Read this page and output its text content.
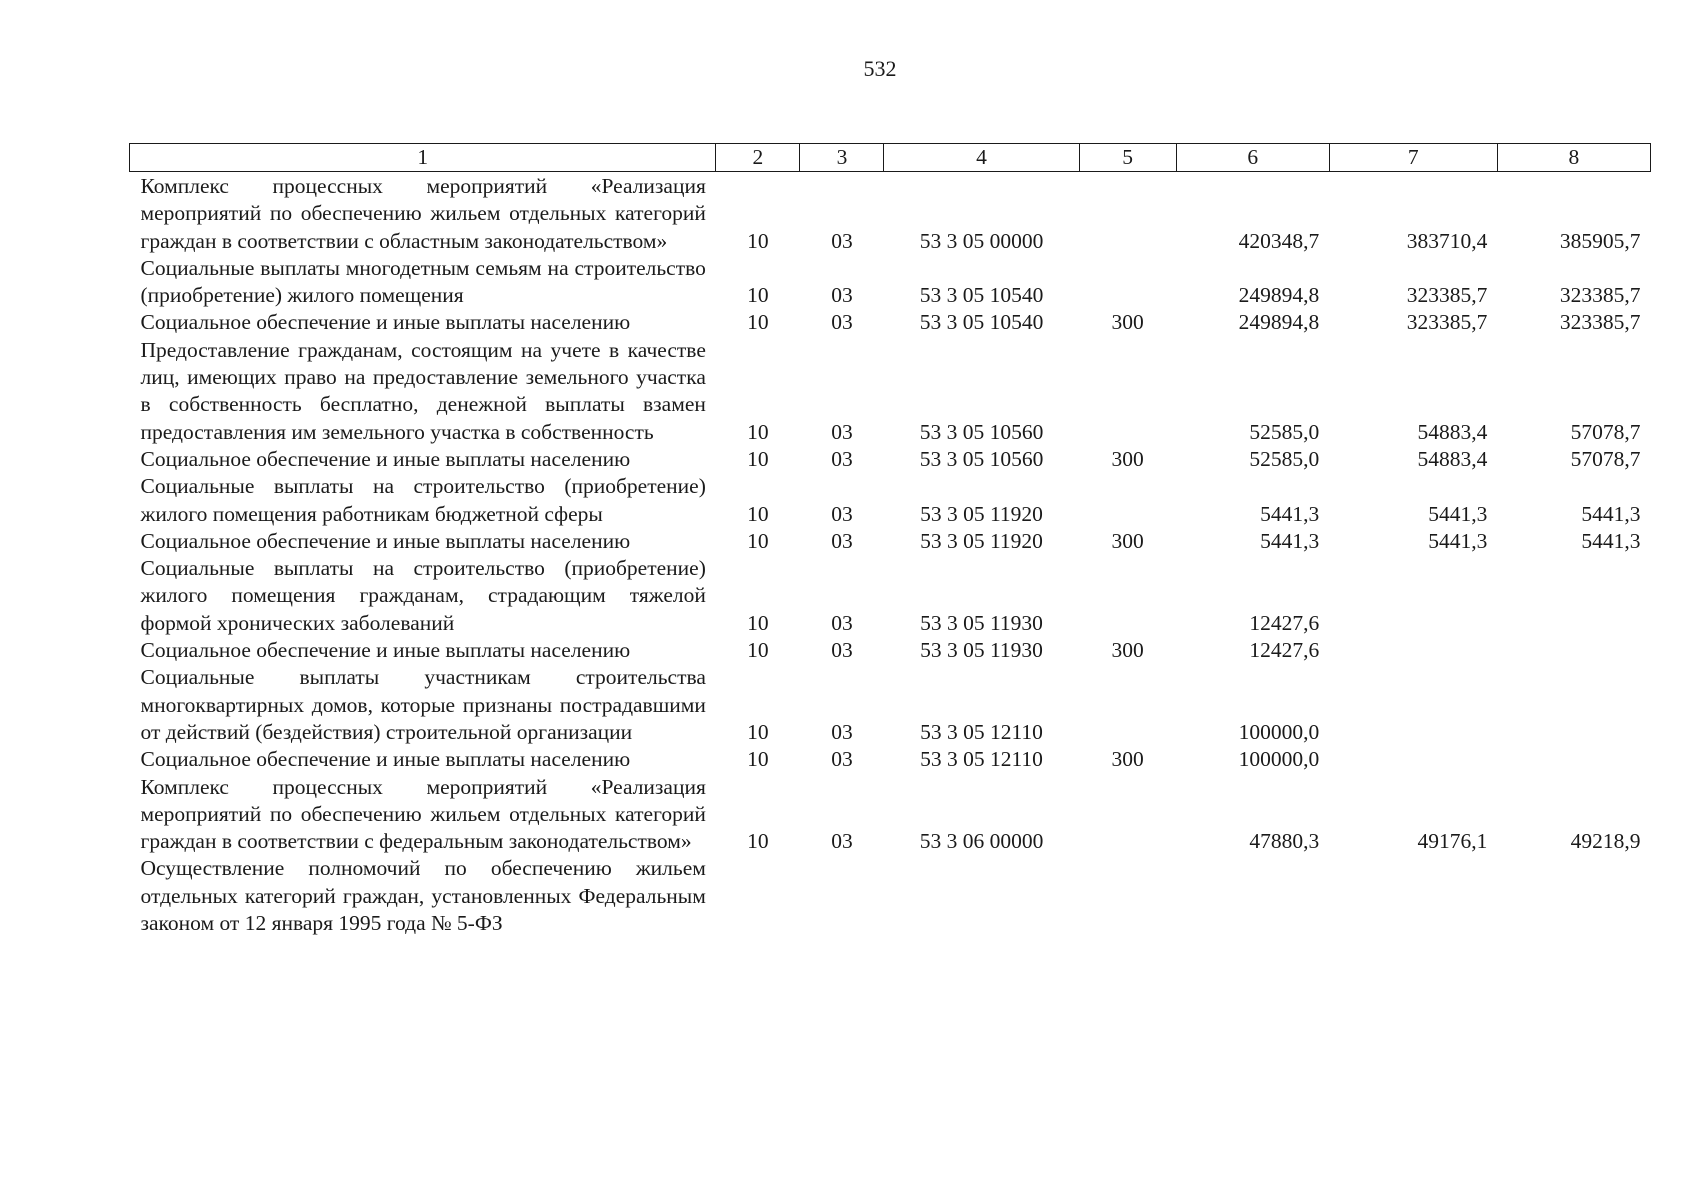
532
1	2	3	4	5	6	7	8
Комплекс процессных мероприятий «Реализация мероприятий по обеспечению жильем отдельных категорий граждан в соответствии с областным законодательством»	10	03	53 3 05 00000		420348,7	383710,4	385905,7
Социальные выплаты многодетным семьям на строительство (приобретение) жилого помещения	10	03	53 3 05 10540		249894,8	323385,7	323385,7
Социальное обеспечение и иные выплаты населению	10	03	53 3 05 10540	300	249894,8	323385,7	323385,7
Предоставление гражданам, состоящим на учете в качестве лиц, имеющих право на предоставление земельного участка в собственность бесплатно, денежной выплаты взамен предоставления им земельного участка в собственность	10	03	53 3 05 10560		52585,0	54883,4	57078,7
Социальное обеспечение и иные выплаты населению	10	03	53 3 05 10560	300	52585,0	54883,4	57078,7
Социальные выплаты на строительство (приобретение) жилого помещения работникам бюджетной сферы	10	03	53 3 05 11920		5441,3	5441,3	5441,3
Социальное обеспечение и иные выплаты населению	10	03	53 3 05 11920	300	5441,3	5441,3	5441,3
Социальные выплаты на строительство (приобретение) жилого помещения гражданам, страдающим тяжелой формой хронических заболеваний	10	03	53 3 05 11930		12427,6		
Социальное обеспечение и иные выплаты населению	10	03	53 3 05 11930	300	12427,6		
Социальные выплаты участникам строительства многоквартирных домов, которые признаны пострадавшими от действий (бездействия) строительной организации	10	03	53 3 05 12110		100000,0		
Социальное обеспечение и иные выплаты населению	10	03	53 3 05 12110	300	100000,0		
Комплекс процессных мероприятий «Реализация мероприятий по обеспечению жильем отдельных категорий граждан в соответствии с федеральным законодательством»	10	03	53 3 06 00000		47880,3	49176,1	49218,9
Осуществление полномочий по обеспечению жильем отдельных категорий граждан, установленных Федеральным законом от 12 января 1995 года № 5-ФЗ							
